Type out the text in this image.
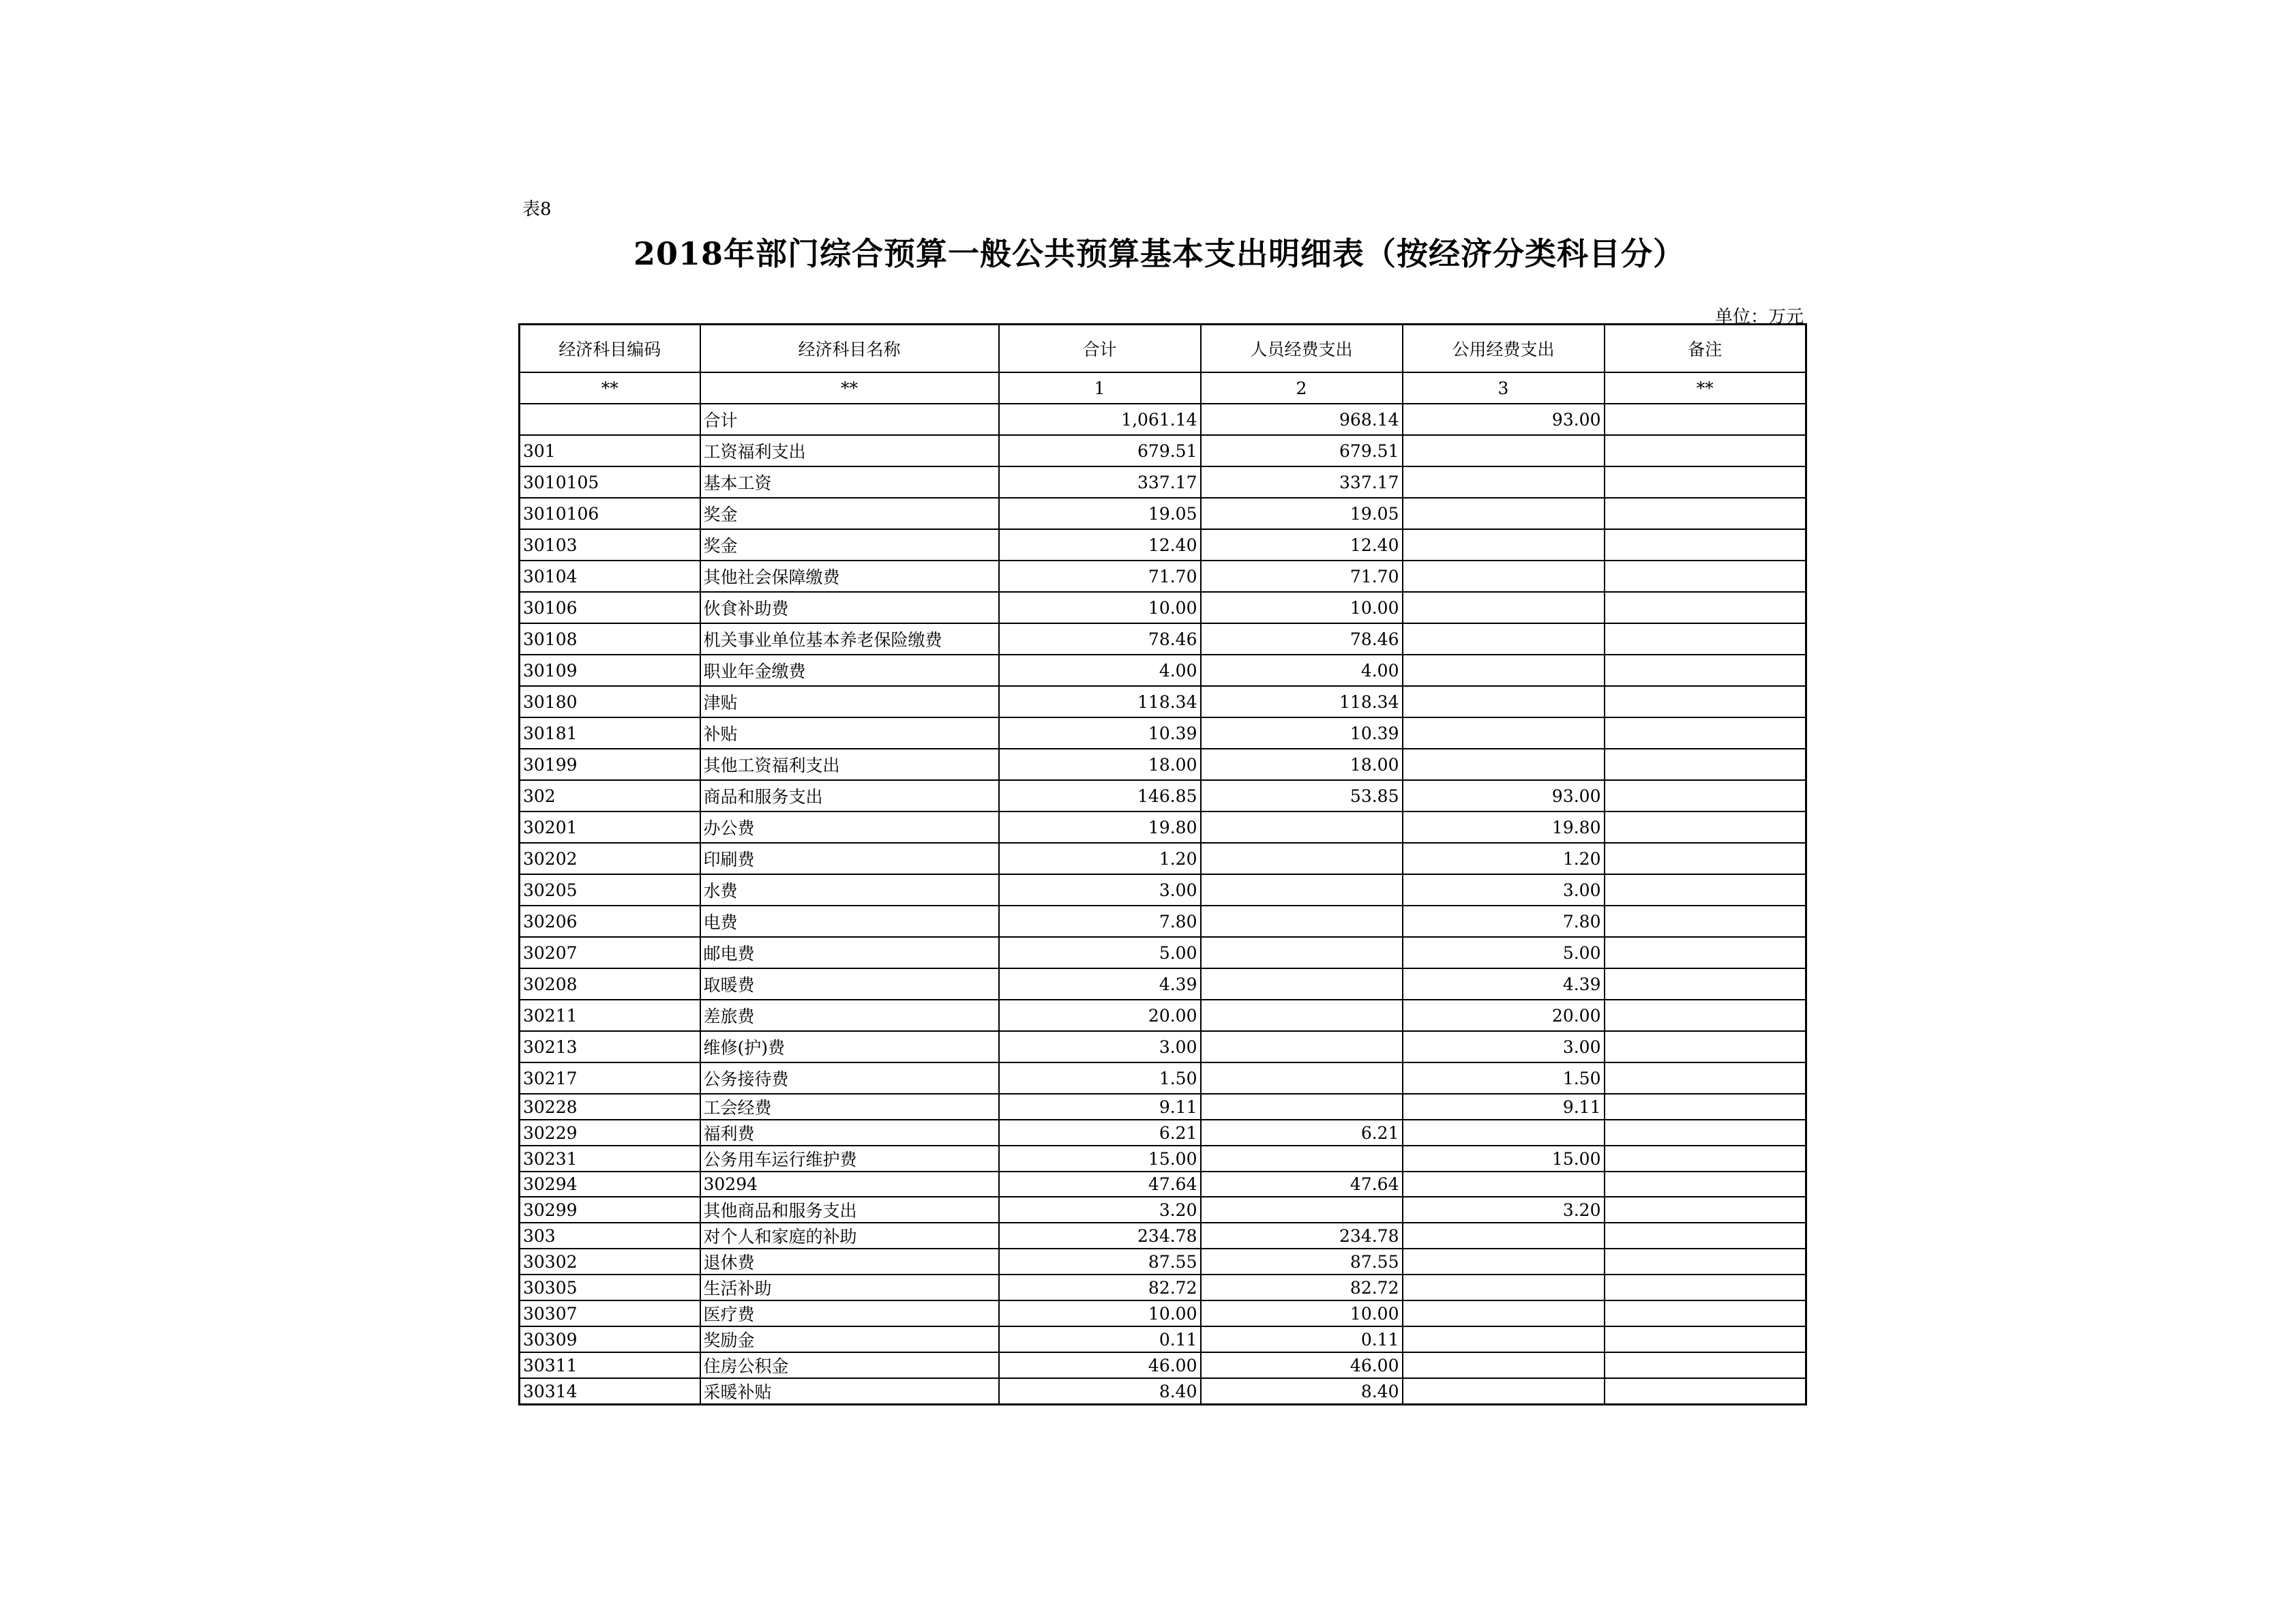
表8
2018年部门综合预算一般公共预算基本支出明细表（按经济分类科目分）
单位：万元
经济科目编码	经济科目名称	合计	人员经费支出	公用经费支出	备注
**	**	1	2	3	**
	合计	1,061.14	968.14	93.00	
301	工资福利支出	679.51	679.51		
3010105	基本工资	337.17	337.17		
3010106	奖金	19.05	19.05		
30103	奖金	12.40	12.40		
30104	其他社会保障缴费	71.70	71.70		
30106	伙食补助费	10.00	10.00		
30108	机关事业单位基本养老保险缴费	78.46	78.46		
30109	职业年金缴费	4.00	4.00		
30180	津贴	118.34	118.34		
30181	补贴	10.39	10.39		
30199	其他工资福利支出	18.00	18.00		
302	商品和服务支出	146.85	53.85	93.00	
30201	办公费	19.80		19.80	
30202	印刷费	1.20		1.20	
30205	水费	3.00		3.00	
30206	电费	7.80		7.80	
30207	邮电费	5.00		5.00	
30208	取暖费	4.39		4.39	
30211	差旅费	20.00		20.00	
30213	维修(护)费	3.00		3.00	
30217	公务接待费	1.50		1.50	
30228	工会经费	9.11		9.11	
30229	福利费	6.21	6.21		
30231	公务用车运行维护费	15.00		15.00	
30294	30294	47.64	47.64		
30299	其他商品和服务支出	3.20		3.20	
303	对个人和家庭的补助	234.78	234.78		
30302	退休费	87.55	87.55		
30305	生活补助	82.72	82.72		
30307	医疗费	10.00	10.00		
30309	奖励金	0.11	0.11		
30311	住房公积金	46.00	46.00		
30314	采暖补贴	8.40	8.40		
